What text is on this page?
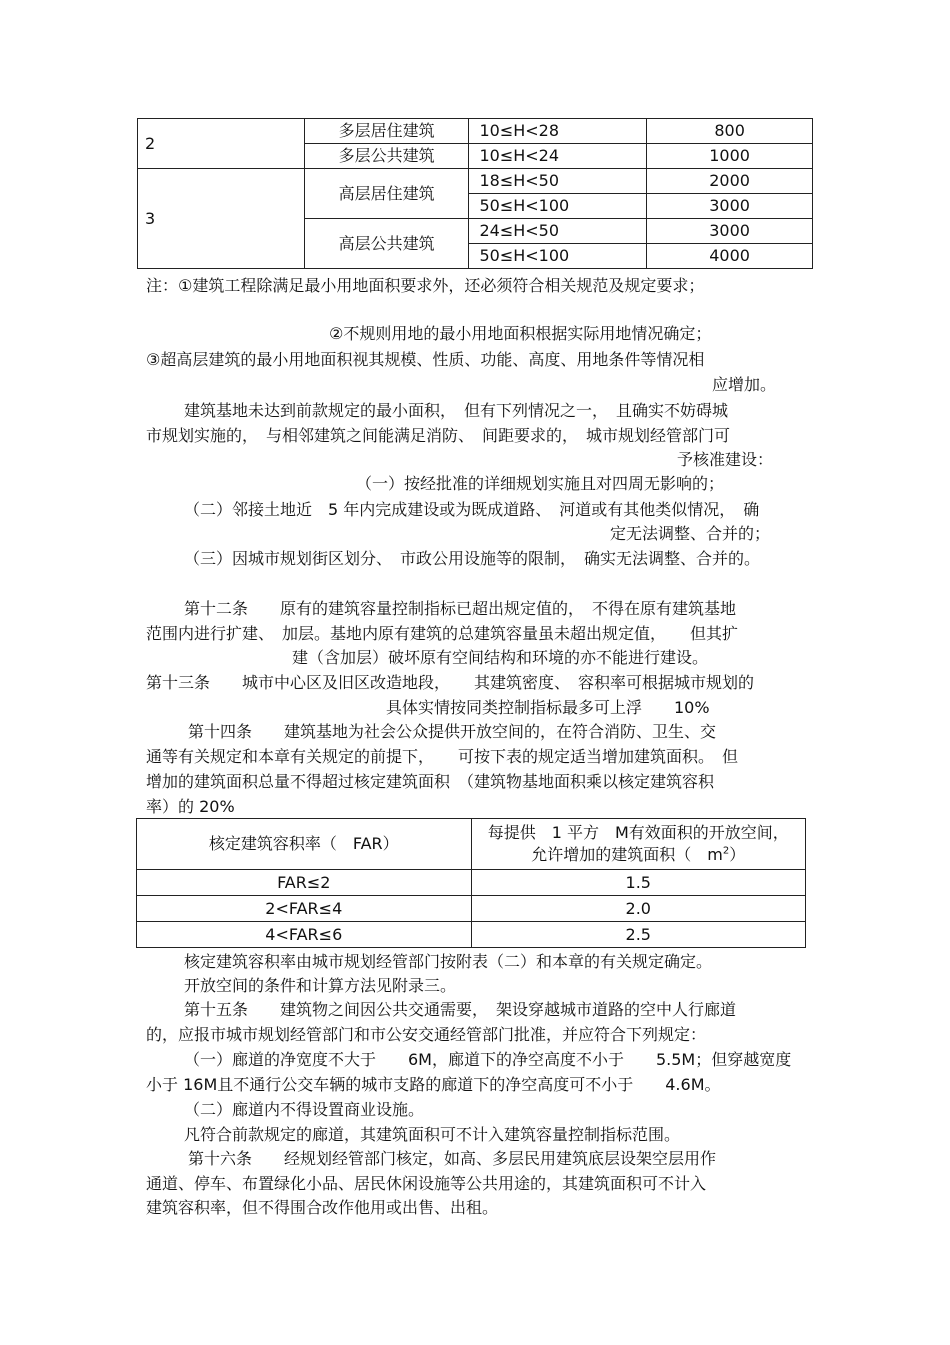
2	多层居住建筑	10≤H<28	800
	多层公共建筑	10≤H<24	1000
3	高层居住建筑	18≤H<50	2000
		50≤H<100	3000
	高层公共建筑	24≤H<50	3000
		50≤H<100	4000
注：①建筑工程除满足最小用地面积要求外，还必须符合相关规范及规定要求；
②不规则用地的最小用地面积根据实际用地情况确定；
③超高层建筑的最小用地面积视其规模、性质、功能、高度、用地条件等情况相
应增加。
建筑基地未达到前款规定的最小面积，　但有下列情况之一，　且确实不妨碍城
市规划实施的，　与相邻建筑之间能满足消防、　间距要求的，　城市规划经管部门可
予核准建设：
（一）按经批准的详细规划实施且对四周无影响的；
（二）邻接土地近　5 年内完成建设或为既成道路、　河道或有其他类似情况，　确
定无法调整、合并的；
（三）因城市规划街区划分、　市政公用设施等的限制，　确实无法调整、合并的。
第十二条　　原有的建筑容量控制指标已超出规定值的，　不得在原有建筑基地
范围内进行扩建、　加层。基地内原有建筑的总建筑容量虽未超出规定值，　　但其扩
建（含加层）破坏原有空间结构和环境的亦不能进行建设。
第十三条　　城市中心区及旧区改造地段，　　其建筑密度、　容积率可根据城市规划的
具体实情按同类控制指标最多可上浮　　10%
第十四条　　建筑基地为社会公众提供开放空间的，在符合消防、卫生、交
通等有关规定和本章有关规定的前提下，　　可按下表的规定适当增加建筑面积。　但
增加的建筑面积总量不得超过核定建筑面积　（建筑物基地面积乘以核定建筑容积
率）的 20%
核定建筑容积率（　FAR）	每提供　1 平方　M有效面积的开放空间，
允许增加的建筑面积（　$m^2$）

FAR≤2	1.5
2<FAR≤4	2.0
4<FAR≤6	2.5
核定建筑容积率由城市规划经管部门按附表（二）和本章的有关规定确定。
开放空间的条件和计算方法见附录三。
第十五条　　建筑物之间因公共交通需要，　架设穿越城市道路的空中人行廊道
的，应报市城市规划经管部门和市公安交通经管部门批准，并应符合下列规定：
（一）廊道的净宽度不大于　　6M，廊道下的净空高度不小于　　5.5M；但穿越宽度
小于 16M且不通行公交车辆的城市支路的廊道下的净空高度可不小于　　4.6M。
（二）廊道内不得设置商业设施。
凡符合前款规定的廊道，其建筑面积可不计入建筑容量控制指标范围。
第十六条　　经规划经管部门核定，如高、多层民用建筑底层设架空层用作
通道、停车、布置绿化小品、居民休闲设施等公共用途的，其建筑面积可不计入
建筑容积率，但不得围合改作他用或出售、出租。
